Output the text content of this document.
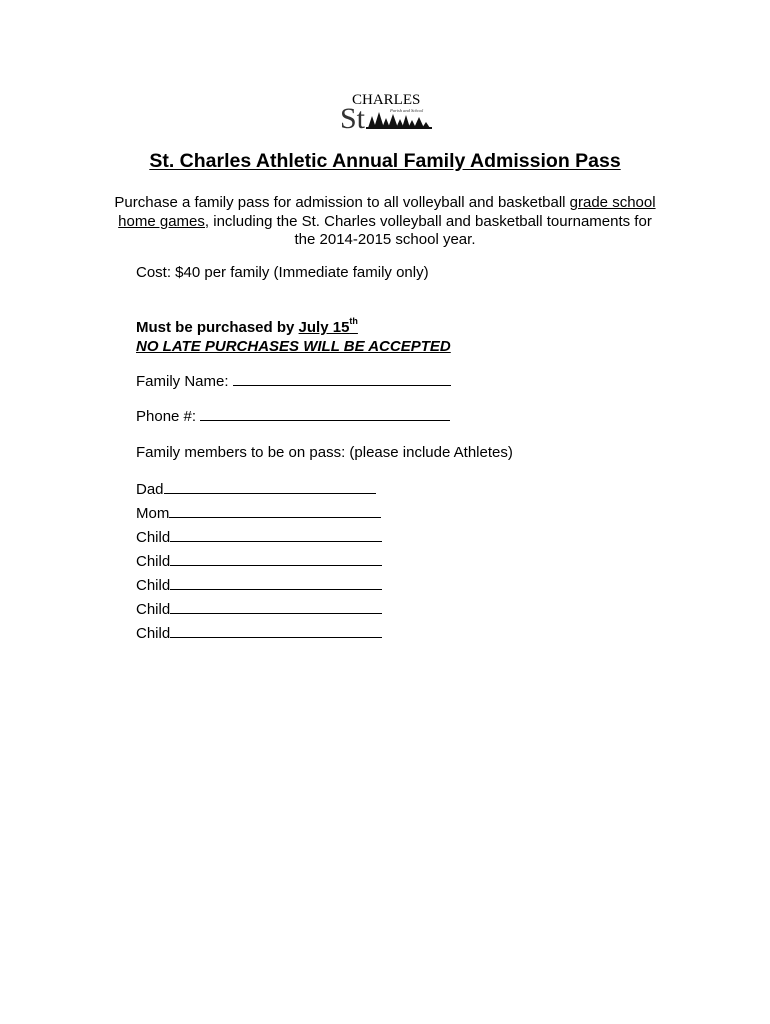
St
CHARLES
Parish and School
St. Charles Athletic Annual Family Admission Pass
Purchase a family pass for admission to all volleyball and basketball grade school home games, including the St. Charles volleyball and basketball tournaments for the 2014-2015 school year.
Cost: $40 per family (Immediate family only)
Must be purchased by July 15th
NO LATE PURCHASES WILL BE ACCEPTED
Family Name:
Phone #:
Family members to be on pass: (please include Athletes)
Dad
Mom
Child
Child
Child
Child
Child
